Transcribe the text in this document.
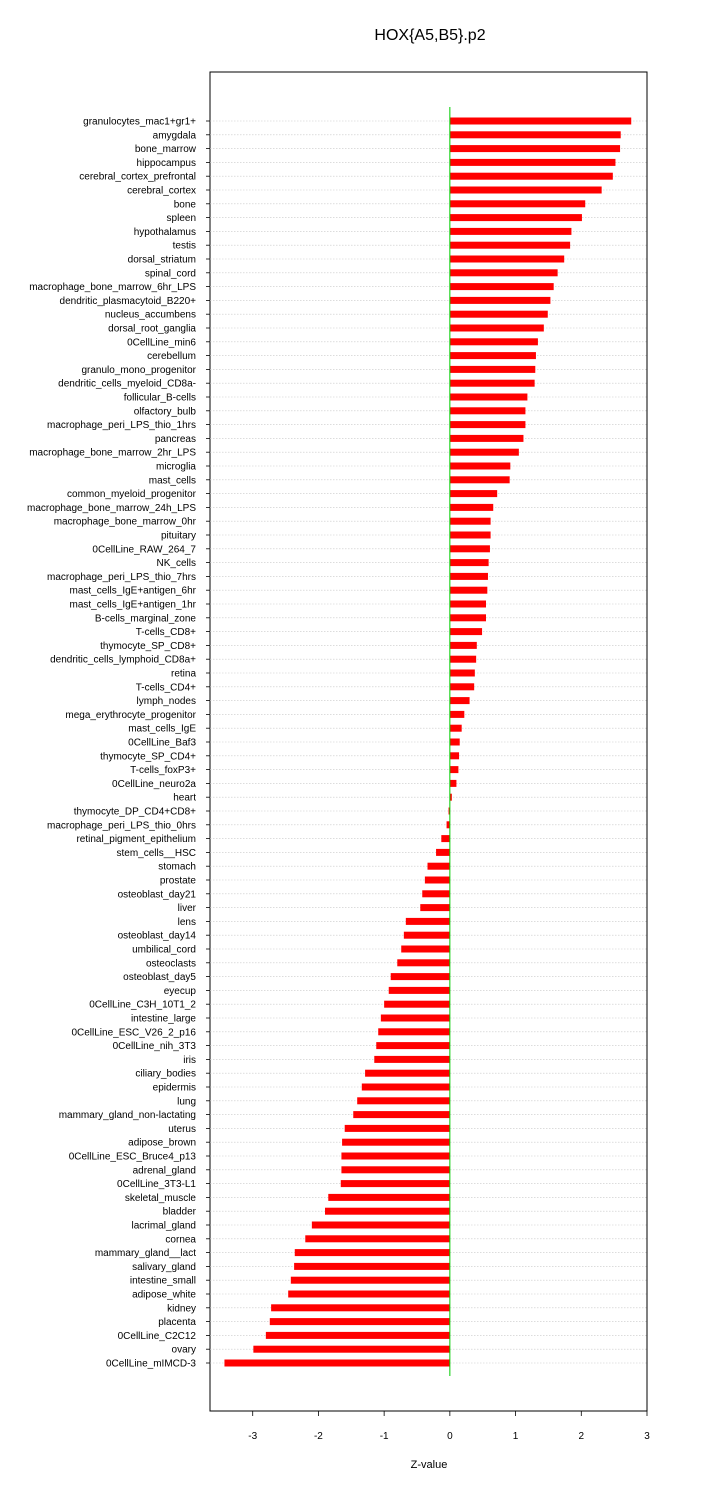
HOX{A5,B5}.p2
granulocytes_mac1+gr1+
amygdala
bone_marrow
hippocampus
cerebral_cortex_prefrontal
cerebral_cortex
bone
spleen
hypothalamus
testis
dorsal_striatum
spinal_cord
macrophage_bone_marrow_6hr_LPS
dendritic_plasmacytoid_B220+
nucleus_accumbens
dorsal_root_ganglia
0CellLine_min6
cerebellum
granulo_mono_progenitor
dendritic_cells_myeloid_CD8a-
follicular_B-cells
olfactory_bulb
macrophage_peri_LPS_thio_1hrs
pancreas
macrophage_bone_marrow_2hr_LPS
microglia
mast_cells
common_myeloid_progenitor
macrophage_bone_marrow_24h_LPS
macrophage_bone_marrow_0hr
pituitary
0CellLine_RAW_264_7
NK_cells
macrophage_peri_LPS_thio_7hrs
mast_cells_IgE+antigen_6hr
mast_cells_IgE+antigen_1hr
B-cells_marginal_zone
T-cells_CD8+
thymocyte_SP_CD8+
dendritic_cells_lymphoid_CD8a+
retina
T-cells_CD4+
lymph_nodes
mega_erythrocyte_progenitor
mast_cells_IgE
0CellLine_Baf3
thymocyte_SP_CD4+
T-cells_foxP3+
0CellLine_neuro2a
heart
thymocyte_DP_CD4+CD8+
macrophage_peri_LPS_thio_0hrs
retinal_pigment_epithelium
stem_cells__HSC
stomach
prostate
osteoblast_day21
liver
lens
osteoblast_day14
umbilical_cord
osteoclasts
osteoblast_day5
eyecup
0CellLine_C3H_10T1_2
intestine_large
0CellLine_ESC_V26_2_p16
0CellLine_nih_3T3
iris
ciliary_bodies
epidermis
lung
mammary_gland_non-lactating
uterus
adipose_brown
0CellLine_ESC_Bruce4_p13
adrenal_gland
0CellLine_3T3-L1
skeletal_muscle
bladder
lacrimal_gland
cornea
mammary_gland__lact
salivary_gland
intestine_small
adipose_white
kidney
placenta
0CellLine_C2C12
ovary
0CellLine_mIMCD-3
-3	-2	-1	0	1	2	3
Z-value
